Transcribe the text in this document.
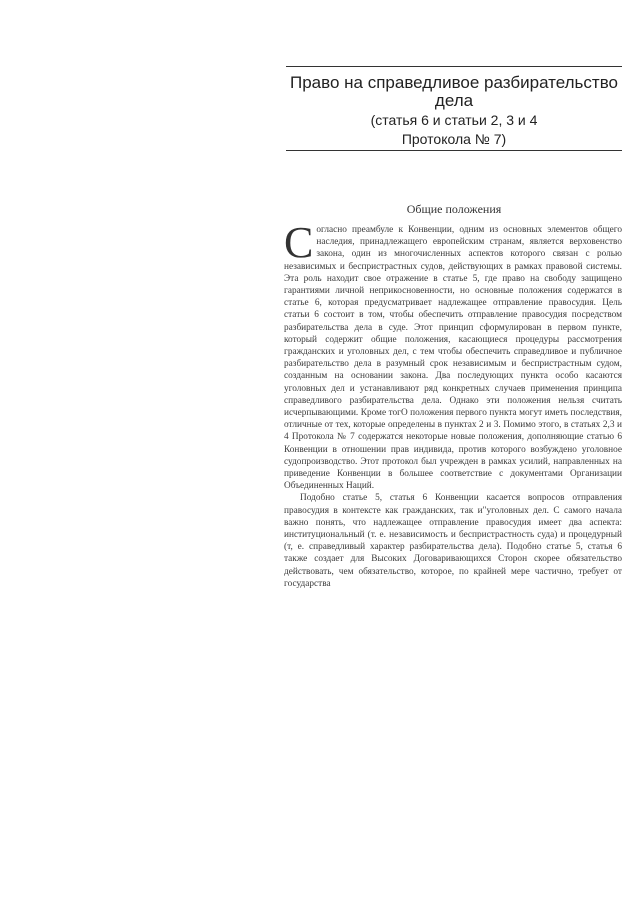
Право на справедливое разбирательство дела
(статья 6 и статьи 2, 3 и 4
Протокола № 7)
Общие положения

Согласно преамбуле к Конвенции, одним из основных элементов общего наследия, принадлежащего европейским странам, является верховенство закона, один из многочисленных аспектов которого связан с ролью независимых и беспристрастных судов, действующих в рамках правовой системы. Эта роль находит свое отражение в статье 5, где право на свободу защищено гарантиями личной неприкосновенности, но основные положения содержатся в статье 6, которая предусматривает надлежащее отправление правосудия. Цель статьи 6 состоит в том, чтобы обеспечить отправление правосудия посредством разбирательства дела в суде. Этот принцип сформулирован в первом пункте, который содержит общие положения, касающиеся процедуры рассмотрения гражданских и уголовных дел, с тем чтобы обеспечить справедливое и публичное разбирательство дела в разумный срок независимым и беспристрастным судом, созданным на основании закона. Два последующих пункта особо касаются уголовных дел и устанавливают ряд конкретных случаев применения принципа справедливого разбирательства дела. Однако эти положения нельзя считать исчерпывающими. Кроме тогО положения первого пункта могут иметь последствия, отличные от тех, которые определены в пунктах 2 и 3. Помимо этого, в статьях 2,3 и 4 Протокола № 7 содержатся некоторые новые положения, дополняющие статью 6 Конвенции в отношении прав индивида, против которого возбуждено уголовное судопроизводство. Этот протокол был учрежден в рамках усилий, направленных на приведение Конвенции в большее соответствие с документами Организации Объединенных Наций.

Подобно статье 5, статья 6 Конвенции касается вопросов отправления правосудия в контексте как гражданских, так и"уголовных дел. С самого начала важно понять, что надлежащее отправление правосудия имеет два аспекта: институциональный (т. е. независимость и беспристрастность суда) и процедурный (т, е. справедливый характер разбирательства дела). Подобно статье 5, статья 6 также создает для Высоких Договаривающихся Сторон скорее обязательство действовать, чем обязательство, которое, по крайней мере частично, требует от государства
